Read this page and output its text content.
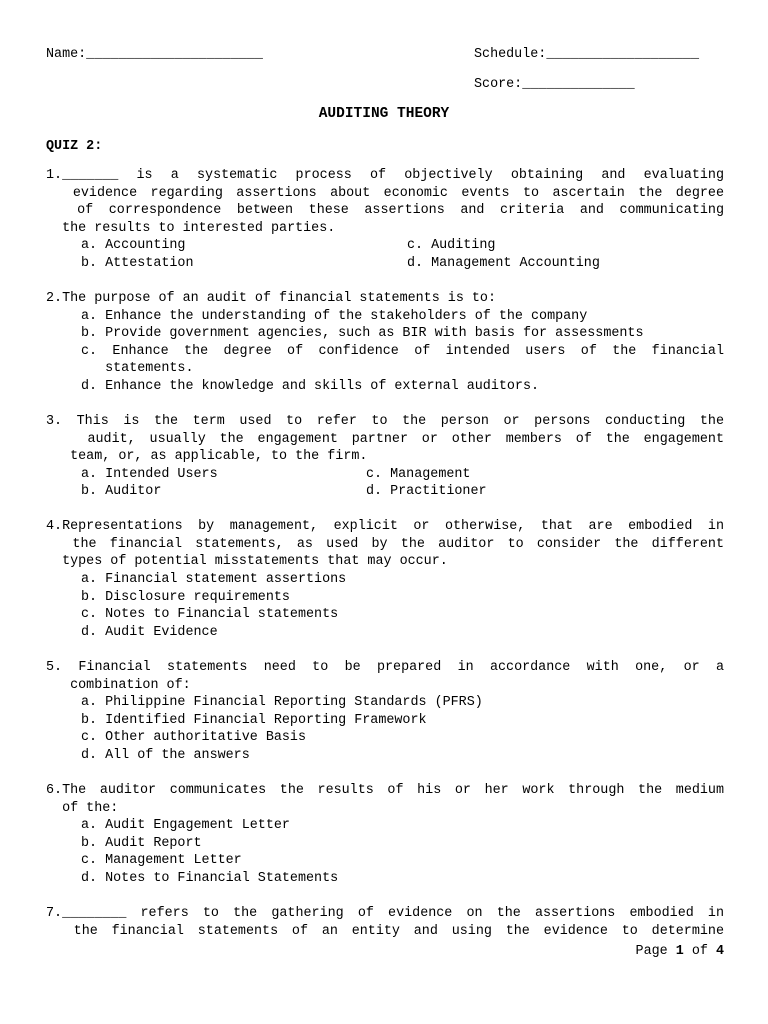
Name:______________________	Schedule:___________________
Score:______________
AUDITING THEORY
QUIZ 2:
1._______ is a systematic process of objectively obtaining and evaluating
evidence regarding assertions about economic events to ascertain the degree
of correspondence between these assertions and criteria and communicating
the results to interested parties.
a. Accounting	c. Auditing
b. Attestation	d. Management Accounting
2.The purpose of an audit of financial statements is to:
a. Enhance the understanding of the stakeholders of the company
b. Provide government agencies, such as BIR with basis for assessments
c. Enhance the degree of confidence of intended users of the financial
statements.
d. Enhance the knowledge and skills of external auditors.
3. This is the term used to refer to the person or persons conducting the
audit, usually the engagement partner or other members of the engagement
team, or, as applicable, to the firm.
a. Intended Users	c. Management
b. Auditor	d. Practitioner
4.Representations by management, explicit or otherwise, that are embodied in
the financial statements, as used by the auditor to consider the different
types of potential misstatements that may occur.
a. Financial statement assertions
b. Disclosure requirements
c. Notes to Financial statements
d. Audit Evidence
5. Financial statements need to be prepared in accordance with one, or a
combination of:
a. Philippine Financial Reporting Standards (PFRS)
b. Identified Financial Reporting Framework
c. Other authoritative Basis
d. All of the answers
6.The auditor communicates the results of his or her work through the medium
of the:
a. Audit Engagement Letter
b. Audit Report
c. Management Letter
d. Notes to Financial Statements
7.________ refers to the gathering of evidence on the assertions embodied in
the financial statements of an entity and using the evidence to determine
Page 1 of 4
